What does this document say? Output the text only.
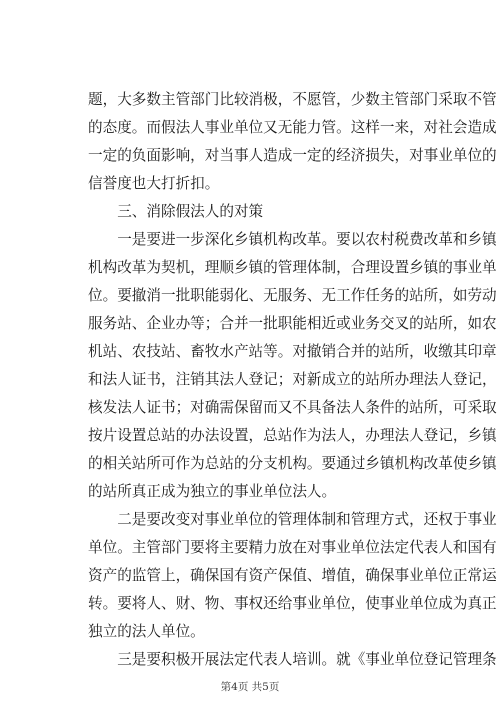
题，大多数主管部门比较消极，不愿管，少数主管部门采取不管
的态度。而假法人事业单位又无能力管。这样一来，对社会造成
一定的负面影响，对当事人造成一定的经济损失，对事业单位的
信誉度也大打折扣。
　　三、消除假法人的对策
　　一是要进一步深化乡镇机构改革。要以农村税费改革和乡镇
机构改革为契机，理顺乡镇的管理体制，合理设置乡镇的事业单
位。要撤消一批职能弱化、无服务、无工作任务的站所，如劳动
服务站、企业办等；合并一批职能相近或业务交叉的站所，如农
机站、农技站、畜牧水产站等。对撤销合并的站所，收缴其印章
和法人证书，注销其法人登记；对新成立的站所办理法人登记，
核发法人证书；对确需保留而又不具备法人条件的站所，可采取
按片设置总站的办法设置，总站作为法人，办理法人登记，乡镇
的相关站所可作为总站的分支机构。要通过乡镇机构改革使乡镇
的站所真正成为独立的事业单位法人。
　　二是要改变对事业单位的管理体制和管理方式，还权于事业
单位。主管部门要将主要精力放在对事业单位法定代表人和国有
资产的监管上，确保国有资产保值、增值，确保事业单位正常运
转。要将人、财、物、事权还给事业单位，使事业单位成为真正
独立的法人单位。
　　三是要积极开展法定代表人培训。就《事业单位登记管理条
第4页 共5页
